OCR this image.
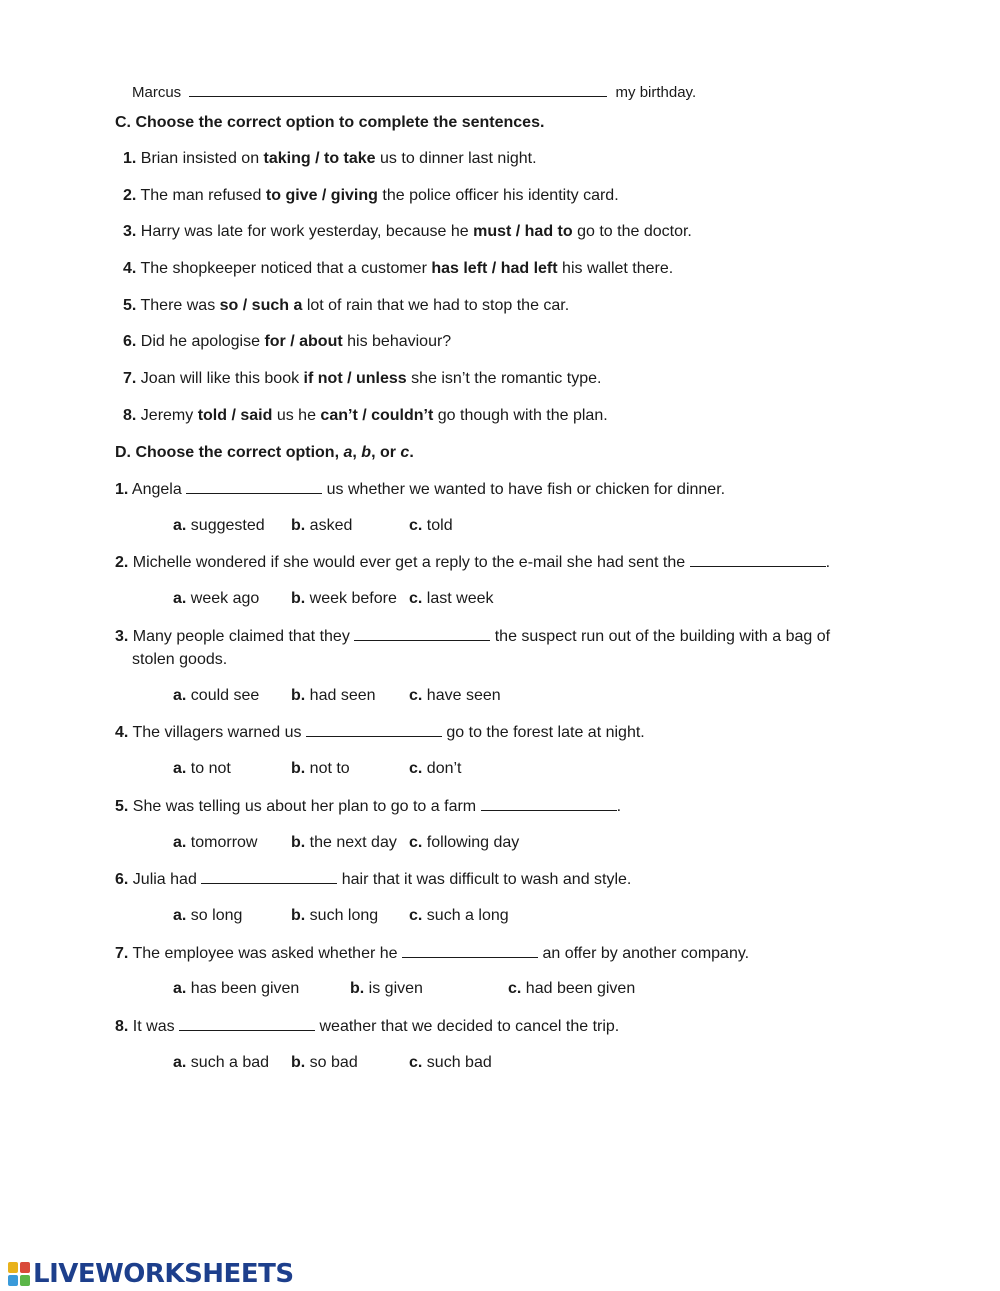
Marcus	my birthday.
C. Choose the correct option to complete the sentences.
1. Brian insisted on taking / to take us to dinner last night.
2. The man refused to give / giving the police officer his identity card.
3. Harry was late for work yesterday, because he must / had to go to the doctor.
4. The shopkeeper noticed that a customer has left / had left his wallet there.
5. There was so / such a lot of rain that we had to stop the car.
6. Did he apologise for / about his behaviour?
7. Joan will like this book if not / unless she isn’t the romantic type.
8. Jeremy told / said us he can’t / couldn’t go though with the plan.
D. Choose the correct option, a, b, or c.
1. Angela	us whether we wanted to have fish or chicken for dinner.
a. suggested b. asked	c. told
2. Michelle wondered if she would ever get a reply to the e-mail she had sent the	.
a. week ago b. week before c. last week
3. Many people claimed that they	the suspect run out of the building with a bag of
stolen goods.
a. could see b. had seen c. have seen
4. The villagers warned us	go to the forest late at night.
a. to not	b. not to	c. don’t
5. She was telling us about her plan to go to a farm	.
a. tomorrow b. the next day c. following day
6. Julia had	hair that it was difficult to wash and style.
a. so long	b. such long c. such a long
7. The employee was asked whether he	an offer by another company.
a. has been given	b. is given	c. had been given
8. It was	weather that we decided to cancel the trip.
a. such a bad b. so bad	c. such bad
LIVEWORKSHEETS
